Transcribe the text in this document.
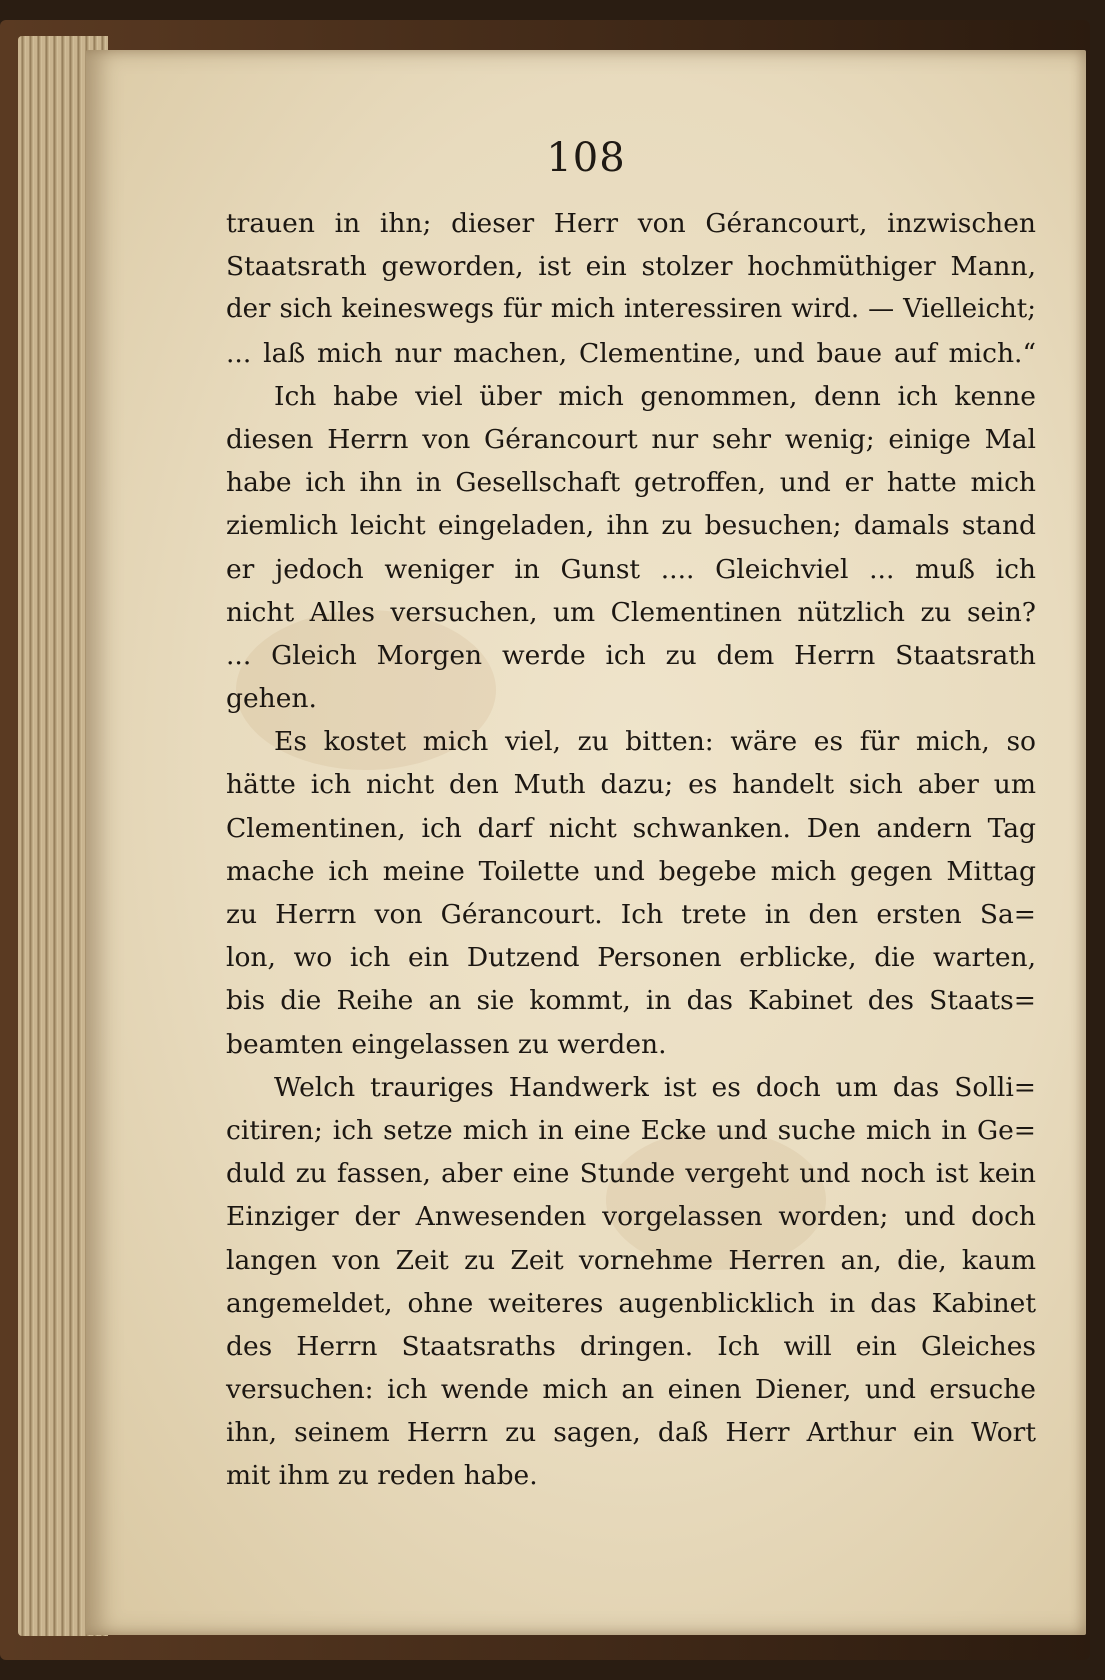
108
trauen in ihn; dieser Herr von Gérancourt, inzwischen
Staatsrath geworden, ist ein stolzer hochmüthiger Mann,
der sich keineswegs für mich interessiren wird. — Vielleicht;
... laß mich nur machen, Clementine, und baue auf mich.“
Ich habe viel über mich genommen, denn ich kenne
diesen Herrn von Gérancourt nur sehr wenig; einige Mal
habe ich ihn in Gesellschaft getroffen, und er hatte mich
ziemlich leicht eingeladen, ihn zu besuchen; damals stand
er jedoch weniger in Gunst .... Gleichviel ... muß ich
nicht Alles versuchen, um Clementinen nützlich zu sein?
... Gleich Morgen werde ich zu dem Herrn Staatsrath
gehen.
Es kostet mich viel, zu bitten: wäre es für mich, so
hätte ich nicht den Muth dazu; es handelt sich aber um
Clementinen, ich darf nicht schwanken. Den andern Tag
mache ich meine Toilette und begebe mich gegen Mittag
zu Herrn von Gérancourt. Ich trete in den ersten Sa=
lon, wo ich ein Dutzend Personen erblicke, die warten,
bis die Reihe an sie kommt, in das Kabinet des Staats=
beamten eingelassen zu werden.
Welch trauriges Handwerk ist es doch um das Solli=
citiren; ich setze mich in eine Ecke und suche mich in Ge=
duld zu fassen, aber eine Stunde vergeht und noch ist kein
Einziger der Anwesenden vorgelassen worden; und doch
langen von Zeit zu Zeit vornehme Herren an, die, kaum
angemeldet, ohne weiteres augenblicklich in das Kabinet
des Herrn Staatsraths dringen. Ich will ein Gleiches
versuchen: ich wende mich an einen Diener, und ersuche
ihn, seinem Herrn zu sagen, daß Herr Arthur ein Wort
mit ihm zu reden habe.
